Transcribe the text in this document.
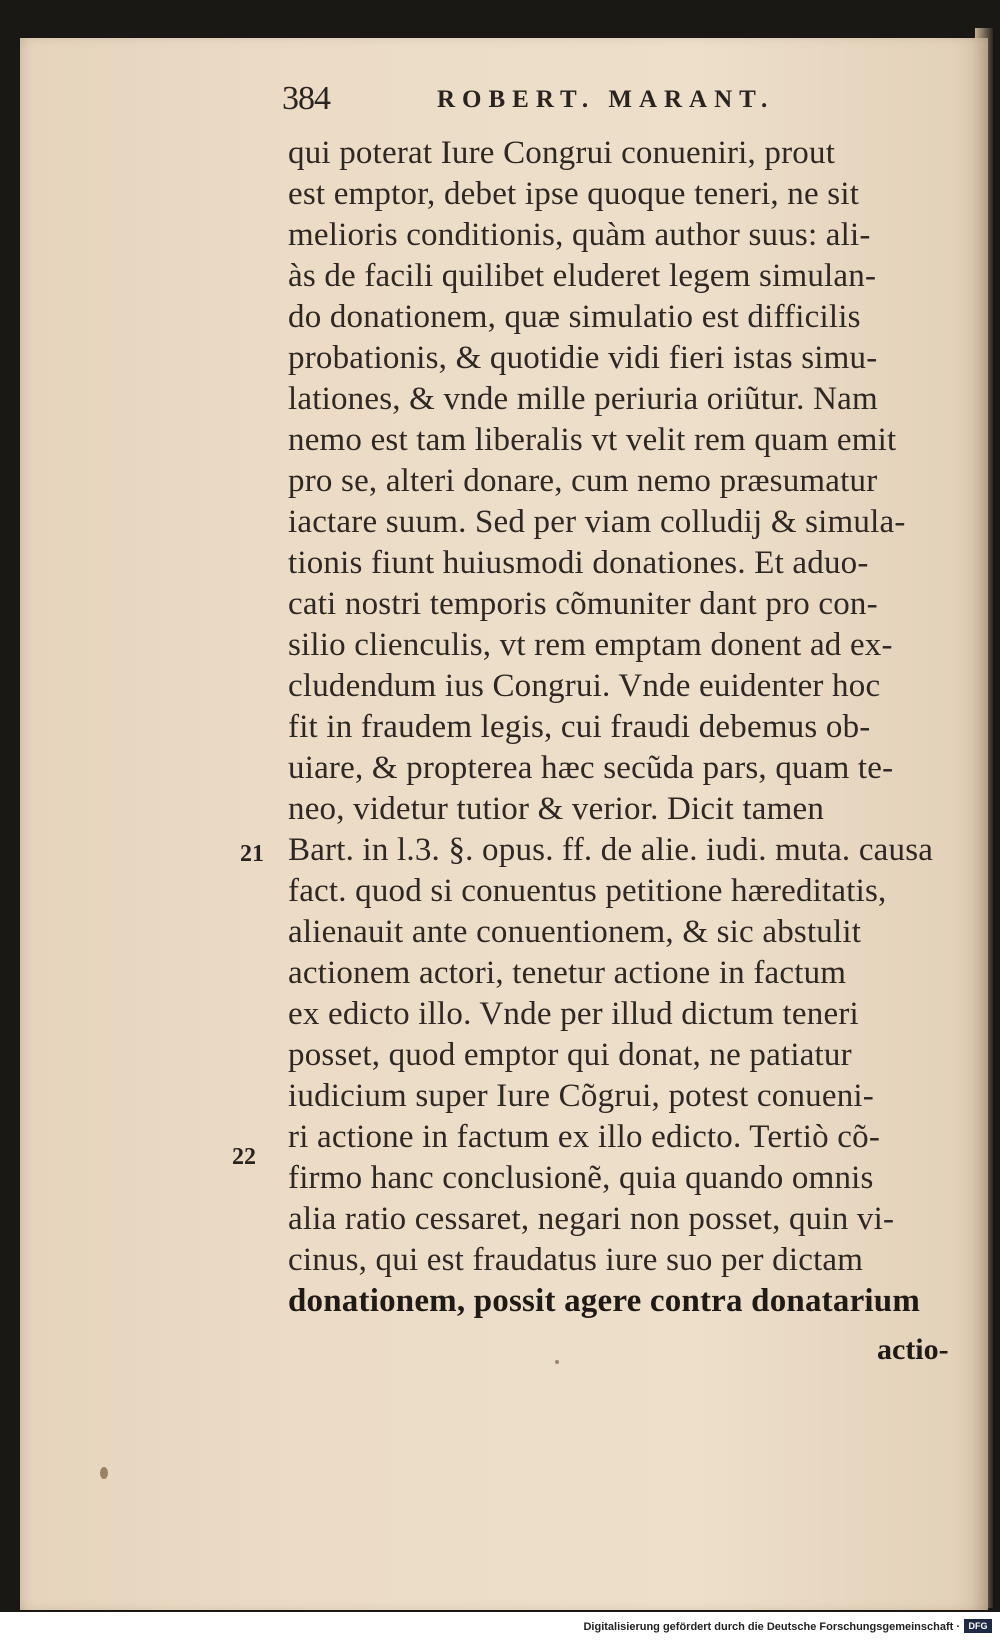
384	ROBERT. MARANT.
qui poterat Iure Congrui conueniri, prout
est emptor, debet ipse quoque teneri, ne sit
melioris conditionis, quàm author suus: ali-
às de facili quilibet eluderet legem simulan-
do donationem, quæ simulatio est difficilis
probationis, & quotidie vidi fieri istas simu-
lationes, & vnde mille periuria oriũtur. Nam
nemo est tam liberalis vt velit rem quam emit
pro se, alteri donare, cum nemo præsumatur
iactare suum. Sed per viam colludij & simula-
tionis fiunt huiusmodi donationes. Et aduo-
cati nostri temporis cõmuniter dant pro con-
silio clienculis, vt rem emptam donent ad ex-
cludendum ius Congrui. Vnde euidenter hoc
fit in fraudem legis, cui fraudi debemus ob-
uiare, & propterea hæc secũda pars, quam te-
neo, videtur tutior & verior. Dicit tamen
Bart. in l.3. §. opus. ff. de alie. iudi. muta. causa
fact. quod si conuentus petitione hæreditatis,
alienauit ante conuentionem, & sic abstulit
actionem actori, tenetur actione in factum
ex edicto illo. Vnde per illud dictum teneri
posset, quod emptor qui donat, ne patiatur
iudicium super Iure Cõgrui, potest conueni-
ri actione in factum ex illo edicto. Tertiò cõ-
firmo hanc conclusionẽ, quia quando omnis
alia ratio cessaret, negari non posset, quin vi-
cinus, qui est fraudatus iure suo per dictam
donationem, possit agere contra donatarium
actio-
21
22
Digitalisierung gefördert durch die Deutsche Forschungsgemeinschaft · DFG
